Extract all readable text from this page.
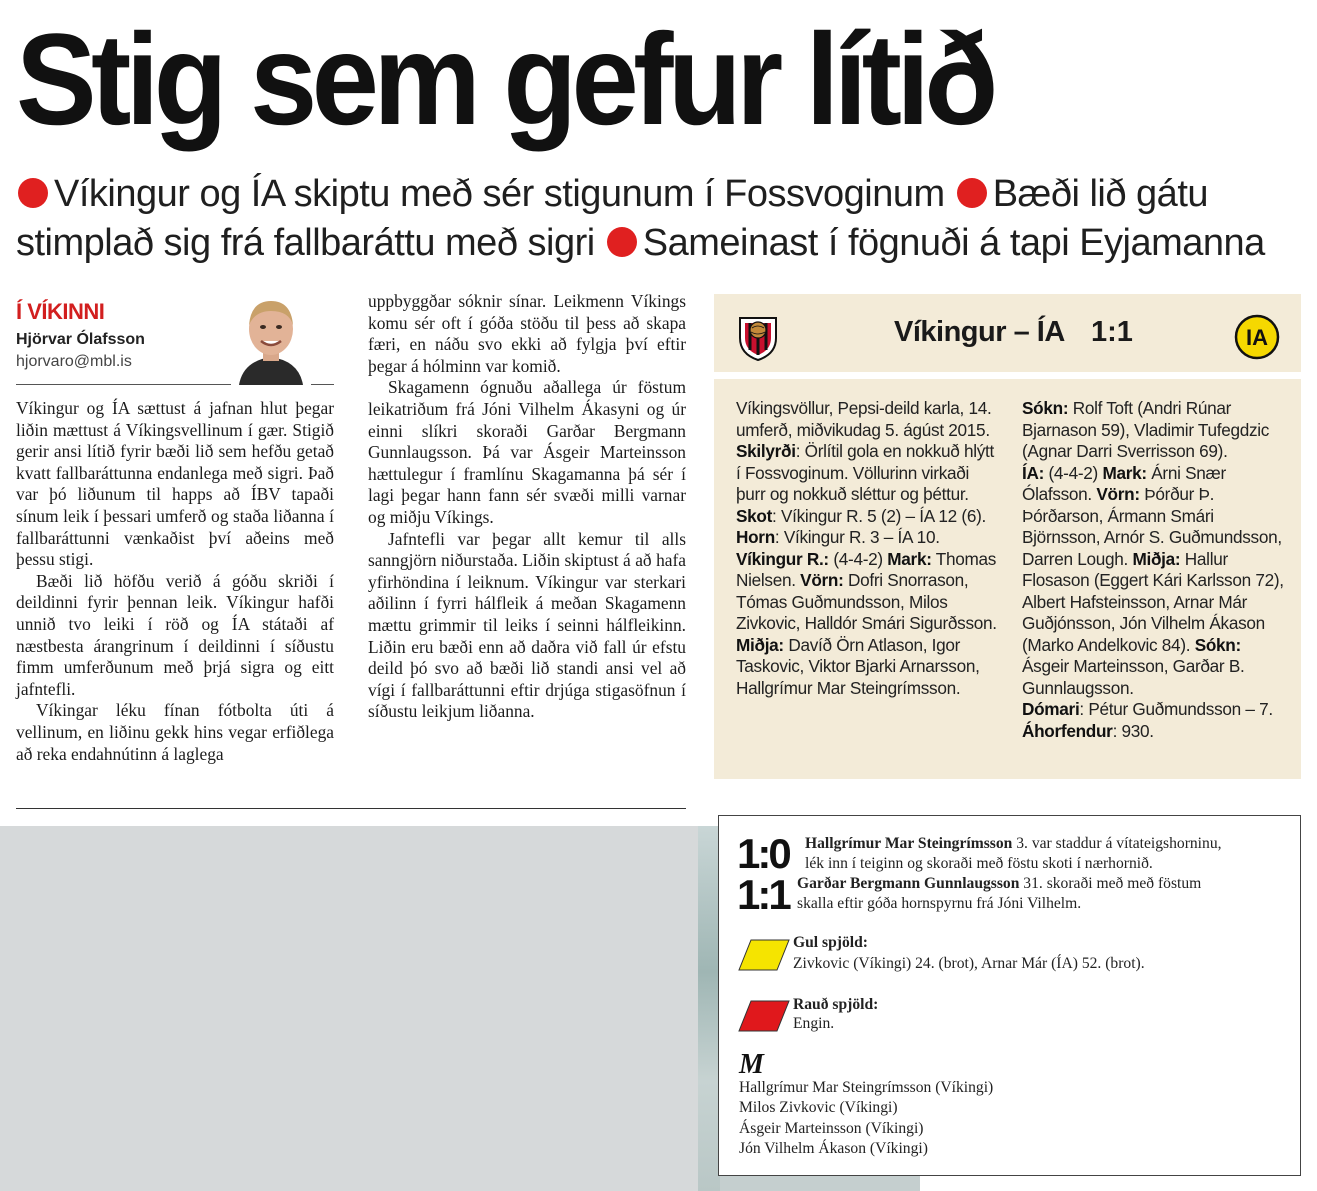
Stig sem gefur lítið
Víkingur og ÍA skiptu með sér stigunum í Fossvoginum Bæði lið gátu stimplað sig frá fallbaráttu með sigri Sameinast í fögnuði á tapi Eyjamanna
Í VÍKINNI
Hjörvar Ólafsson
hjorvaro@mbl.is

Víkingur og ÍA sættust á jafnan hlut þegar liðin mættust á Víkingsvellinum í gær. Stigið gerir ansi lítið fyrir bæði lið sem hefðu getað kvatt fallbaráttunna endanlega með sigri. Það var þó liðunum til happs að ÍBV tapaði sínum leik í þessari umferð og staða liðanna í fallbaráttunni vænkaðist því aðeins með þessu stigi.

Bæði lið höfðu verið á góðu skriði í deildinni fyrir þennan leik. Víkingur hafði unnið tvo leiki í röð og ÍA státaði af næstbesta árangrinum í deildinni í síðustu fimm umferðunum með þrjá sigra og eitt jafntefli.

Víkingar léku fínan fótbolta úti á vellinum, en liðinu gekk hins vegar erfiðlega að reka endahnútinn á laglega

uppbyggðar sóknir sínar. Leikmenn Víkings komu sér oft í góða stöðu til þess að skapa færi, en náðu svo ekki að fylgja því eftir þegar á hólminn var komið.

Skagamenn ógnuðu aðallega úr föstum leikatriðum frá Jóni Vilhelm Ákasyni og úr einni slíkri skoraði Garðar Bergmann Gunnlaugsson. Þá var Ásgeir Marteinsson hættulegur í framlínu Skagamanna þá sér í lagi þegar hann fann sér svæði milli varnar og miðju Víkings.

Jafntefli var þegar allt kemur til alls sanngjörn niðurstaða. Liðin skiptust á að hafa yfirhöndina í leiknum. Víkingur var sterkari aðilinn í fyrri hálfleik á meðan Skagamenn mættu grimmir til leiks í seinni hálfleikinn. Liðin eru bæði enn að daðra við fall úr efstu deild þó svo að bæði lið standi ansi vel að vígi í fallbaráttunni eftir drjúga stigasöfnun í síðustu leikjum liðanna.

Víkingur – ÍA 1:1	IA
Víkingsvöllur, Pepsi-deild karla, 14. umferð, miðvikudag 5. ágúst 2015.
Skilyrði: Örlítil gola en nokkuð hlýtt í Fossvoginum. Völlurinn virkaði þurr og nokkuð sléttur og þéttur.
Skot: Víkingur R. 5 (2) – ÍA 12 (6).
Horn: Víkingur R. 3 – ÍA 10.
Víkingur R.: (4-4-2) Mark: Thomas Nielsen. Vörn: Dofri Snorrason, Tómas Guðmundsson, Milos Zivkovic, Halldór Smári Sigurðsson. Miðja: Davíð Örn Atlason, Igor Taskovic, Viktor Bjarki Arnarsson, Hallgrímur Mar Steingrímsson.
Sókn: Rolf Toft (Andri Rúnar Bjarnason 59), Vladimir Tufegdzic (Agnar Darri Sverrisson 69).
ÍA: (4-4-2) Mark: Árni Snær Ólafsson. Vörn: Þórður Þ. Þórðarson, Ármann Smári Björnsson, Arnór S. Guðmundsson, Darren Lough. Miðja: Hallur Flosason (Eggert Kári Karlsson 72), Albert Hafsteinsson, Arnar Már Guðjónsson, Jón Vilhelm Ákason (Marko Andelkovic 84). Sókn: Ásgeir Marteinsson, Garðar B. Gunnlaugsson.
Dómari: Pétur Guðmundsson – 7.
Áhorfendur: 930.
1:0 Hallgrímur Mar Steingrímsson 3. var staddur á vítateigshorninu,
lék inn í teiginn og skoraði með föstu skoti í nærhornið.
1:1 Garðar Bergmann Gunnlaugsson 31. skoraði með með föstum
skalla eftir góða hornspyrnu frá Jóni Vilhelm.
Gul spjöld:
Zivkovic (Víkingi) 24. (brot), Arnar Már (ÍA) 52. (brot).
Rauð spjöld:
Engin.
M
Hallgrímur Mar Steingrímsson (Víkingi)
Milos Zivkovic (Víkingi)
Ásgeir Marteinsson (Víkingi)
Jón Vilhelm Ákason (Víkingi)
